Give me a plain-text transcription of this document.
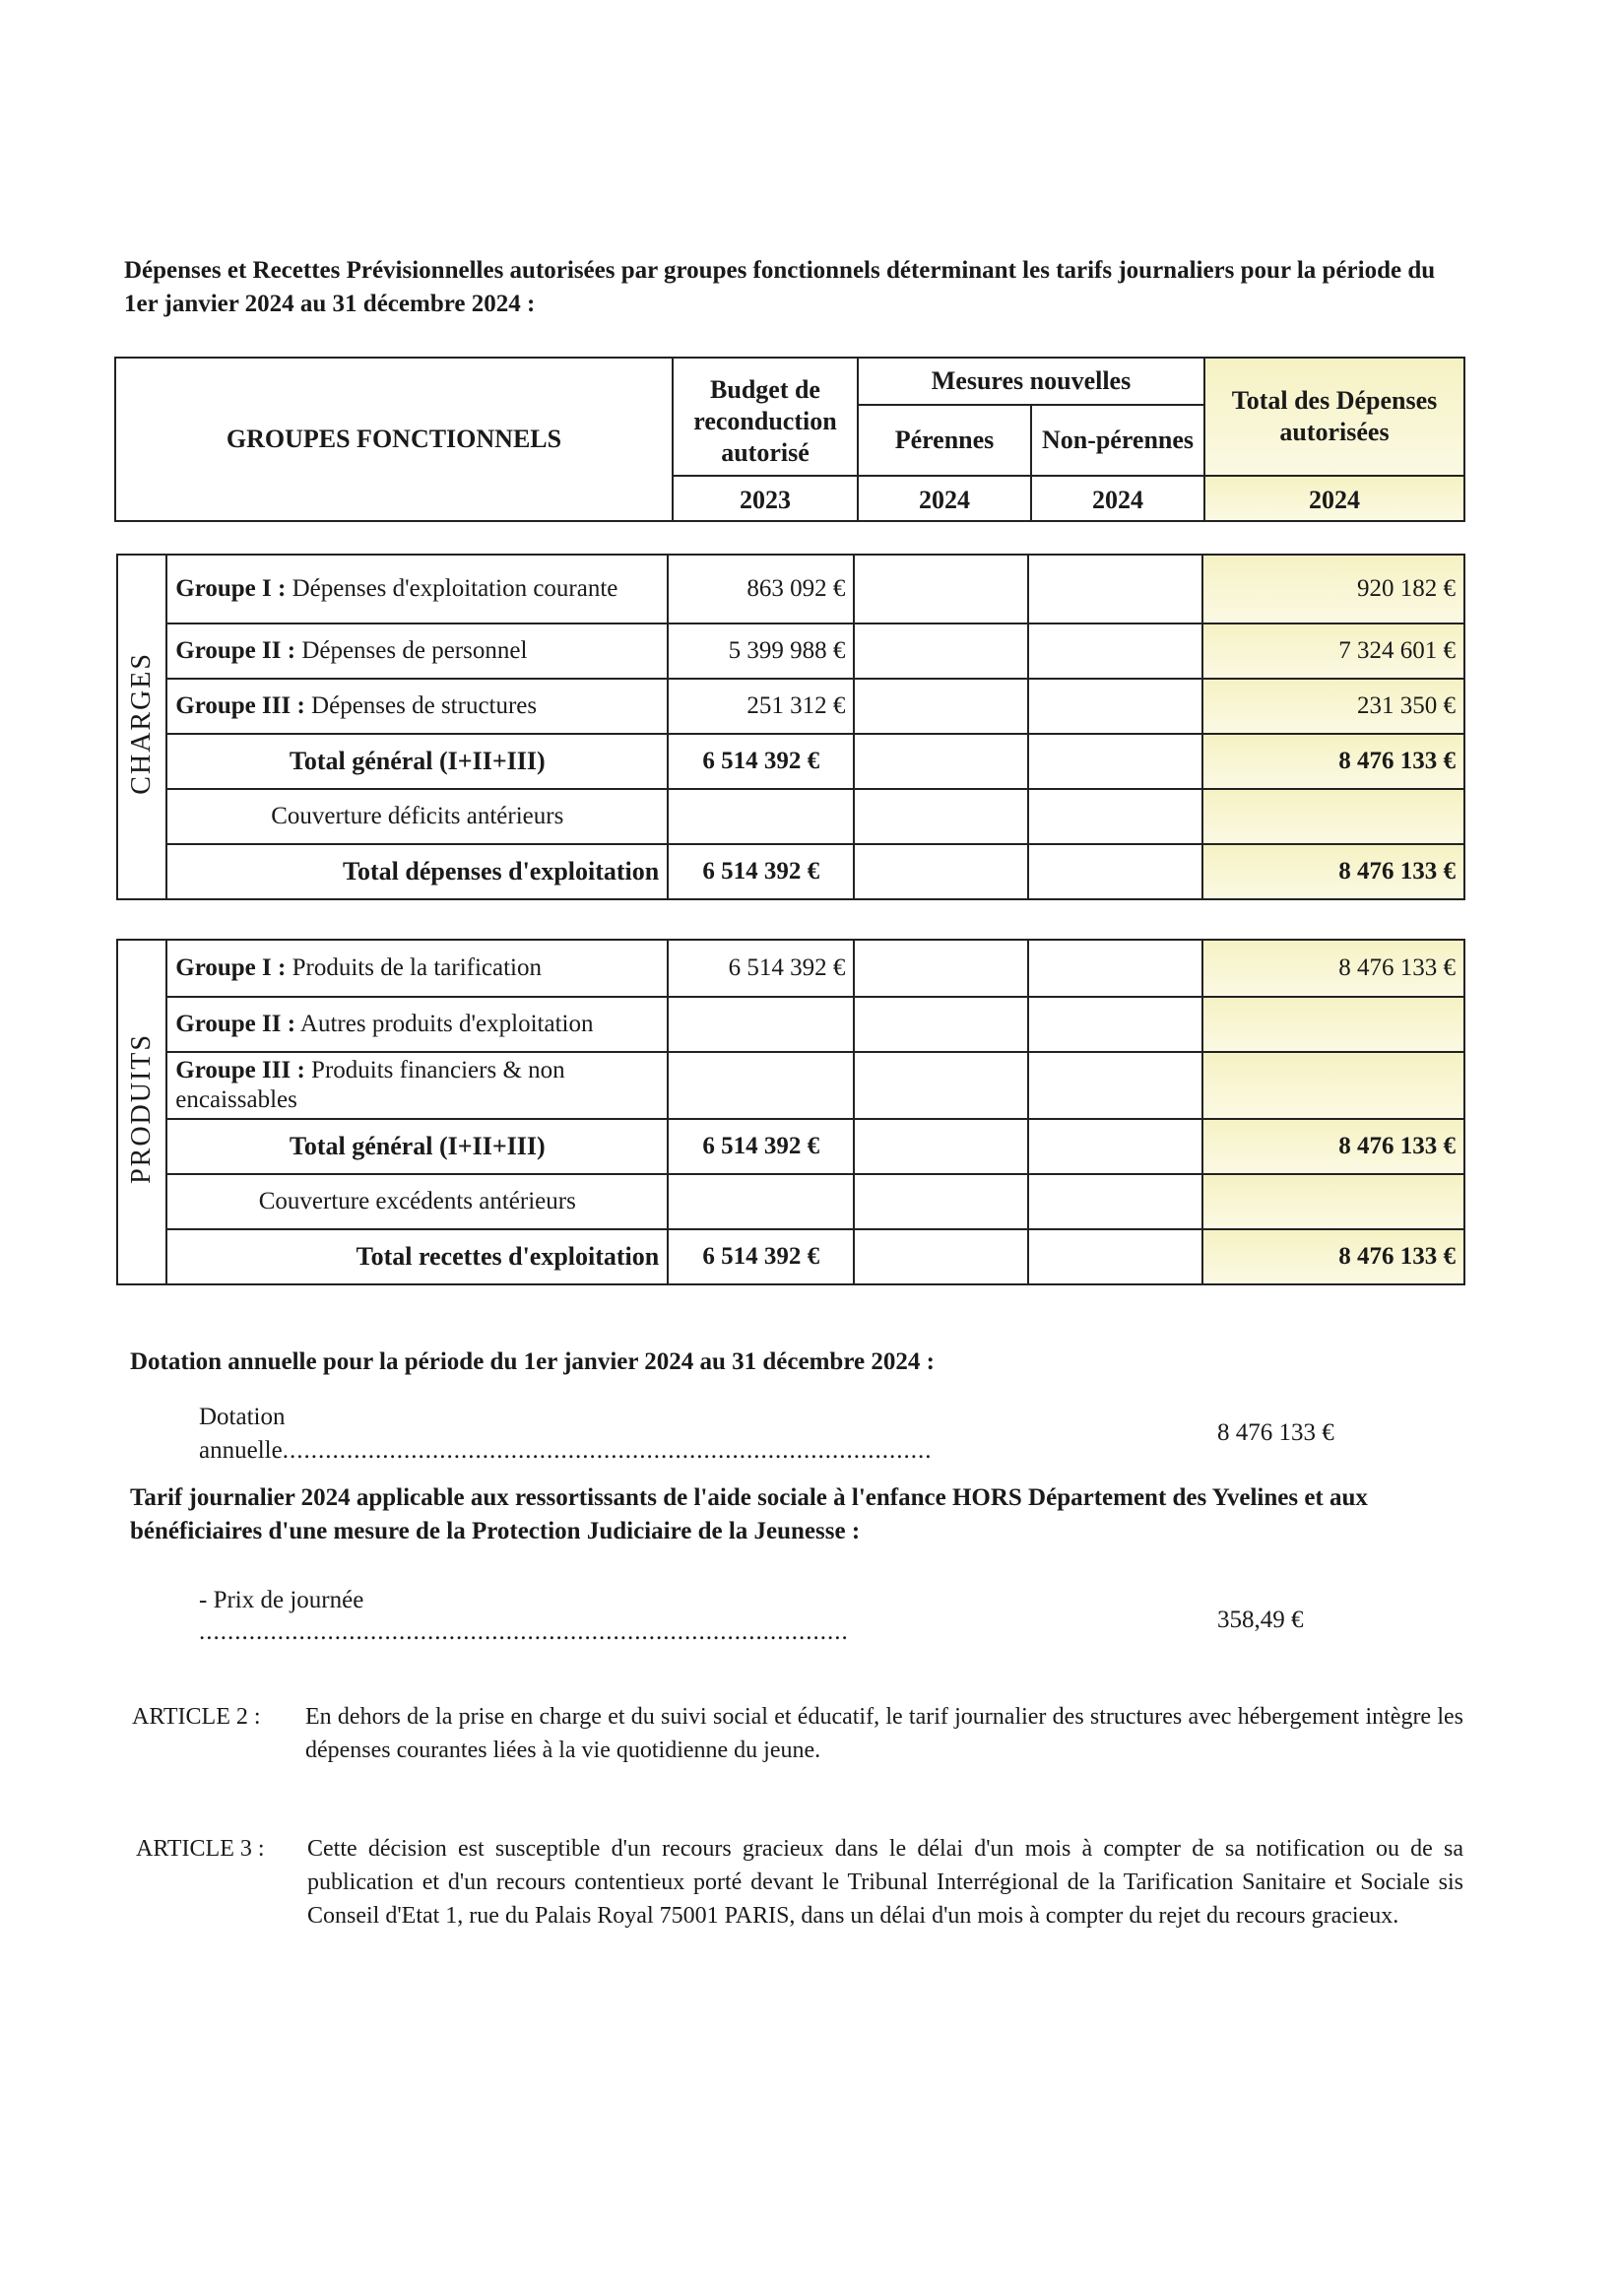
Dépenses et Recettes Prévisionnelles autorisées par groupes fonctionnels déterminant les tarifs journaliers pour la période du 1er janvier 2024 au 31 décembre 2024 :
GROUPES FONCTIONNELS	Budget de reconduction autorisé	Mesures nouvelles		Total des Dépenses autorisées
		Pérennes	Non-pérennes	
	2023	2024	2024	2024
CHARGES	Groupe I : Dépenses d'exploitation courante	863 092 €			920 182 €
	Groupe II : Dépenses de personnel	5 399 988 €			7 324 601 €
	Groupe III : Dépenses de structures	251 312 €			231 350 €
	Total général (I+II+III)	6 514 392 €			8 476 133 €
	Couverture déficits antérieurs				
	Total dépenses d'exploitation	6 514 392 €			8 476 133 €
PRODUITS	Groupe I : Produits de la tarification	6 514 392 €			8 476 133 €
	Groupe II : Autres produits d'exploitation				
	Groupe III : Produits financiers & non encaissables				
	Total général (I+II+III)	6 514 392 €			8 476 133 €
	Couverture excédents antérieurs				
	Total recettes d'exploitation	6 514 392 €			8 476 133 €
Dotation annuelle pour la période du 1er janvier 2024 au 31 décembre 2024 :
Dotation
annuelle...........................................................................................
8 476 133 €
Tarif journalier 2024 applicable aux ressortissants de l'aide sociale à l'enfance HORS Département des Yvelines et aux bénéficiaires d'une mesure de la Protection Judiciaire de la Jeunesse :
- Prix de journée
...........................................................................................	358,49 €
ARTICLE 2 : En dehors de la prise en charge et du suivi social et éducatif, le tarif journalier des structures avec hébergement intègre les dépenses courantes liées à la vie quotidienne du jeune.
ARTICLE 3 : Cette décision est susceptible d'un recours gracieux dans le délai d'un mois à compter de sa notification ou de sa publication et d'un recours contentieux porté devant le Tribunal Interrégional de la Tarification Sanitaire et Sociale sis Conseil d'Etat 1, rue du Palais Royal 75001 PARIS, dans un délai d'un mois à compter du rejet du recours gracieux.
